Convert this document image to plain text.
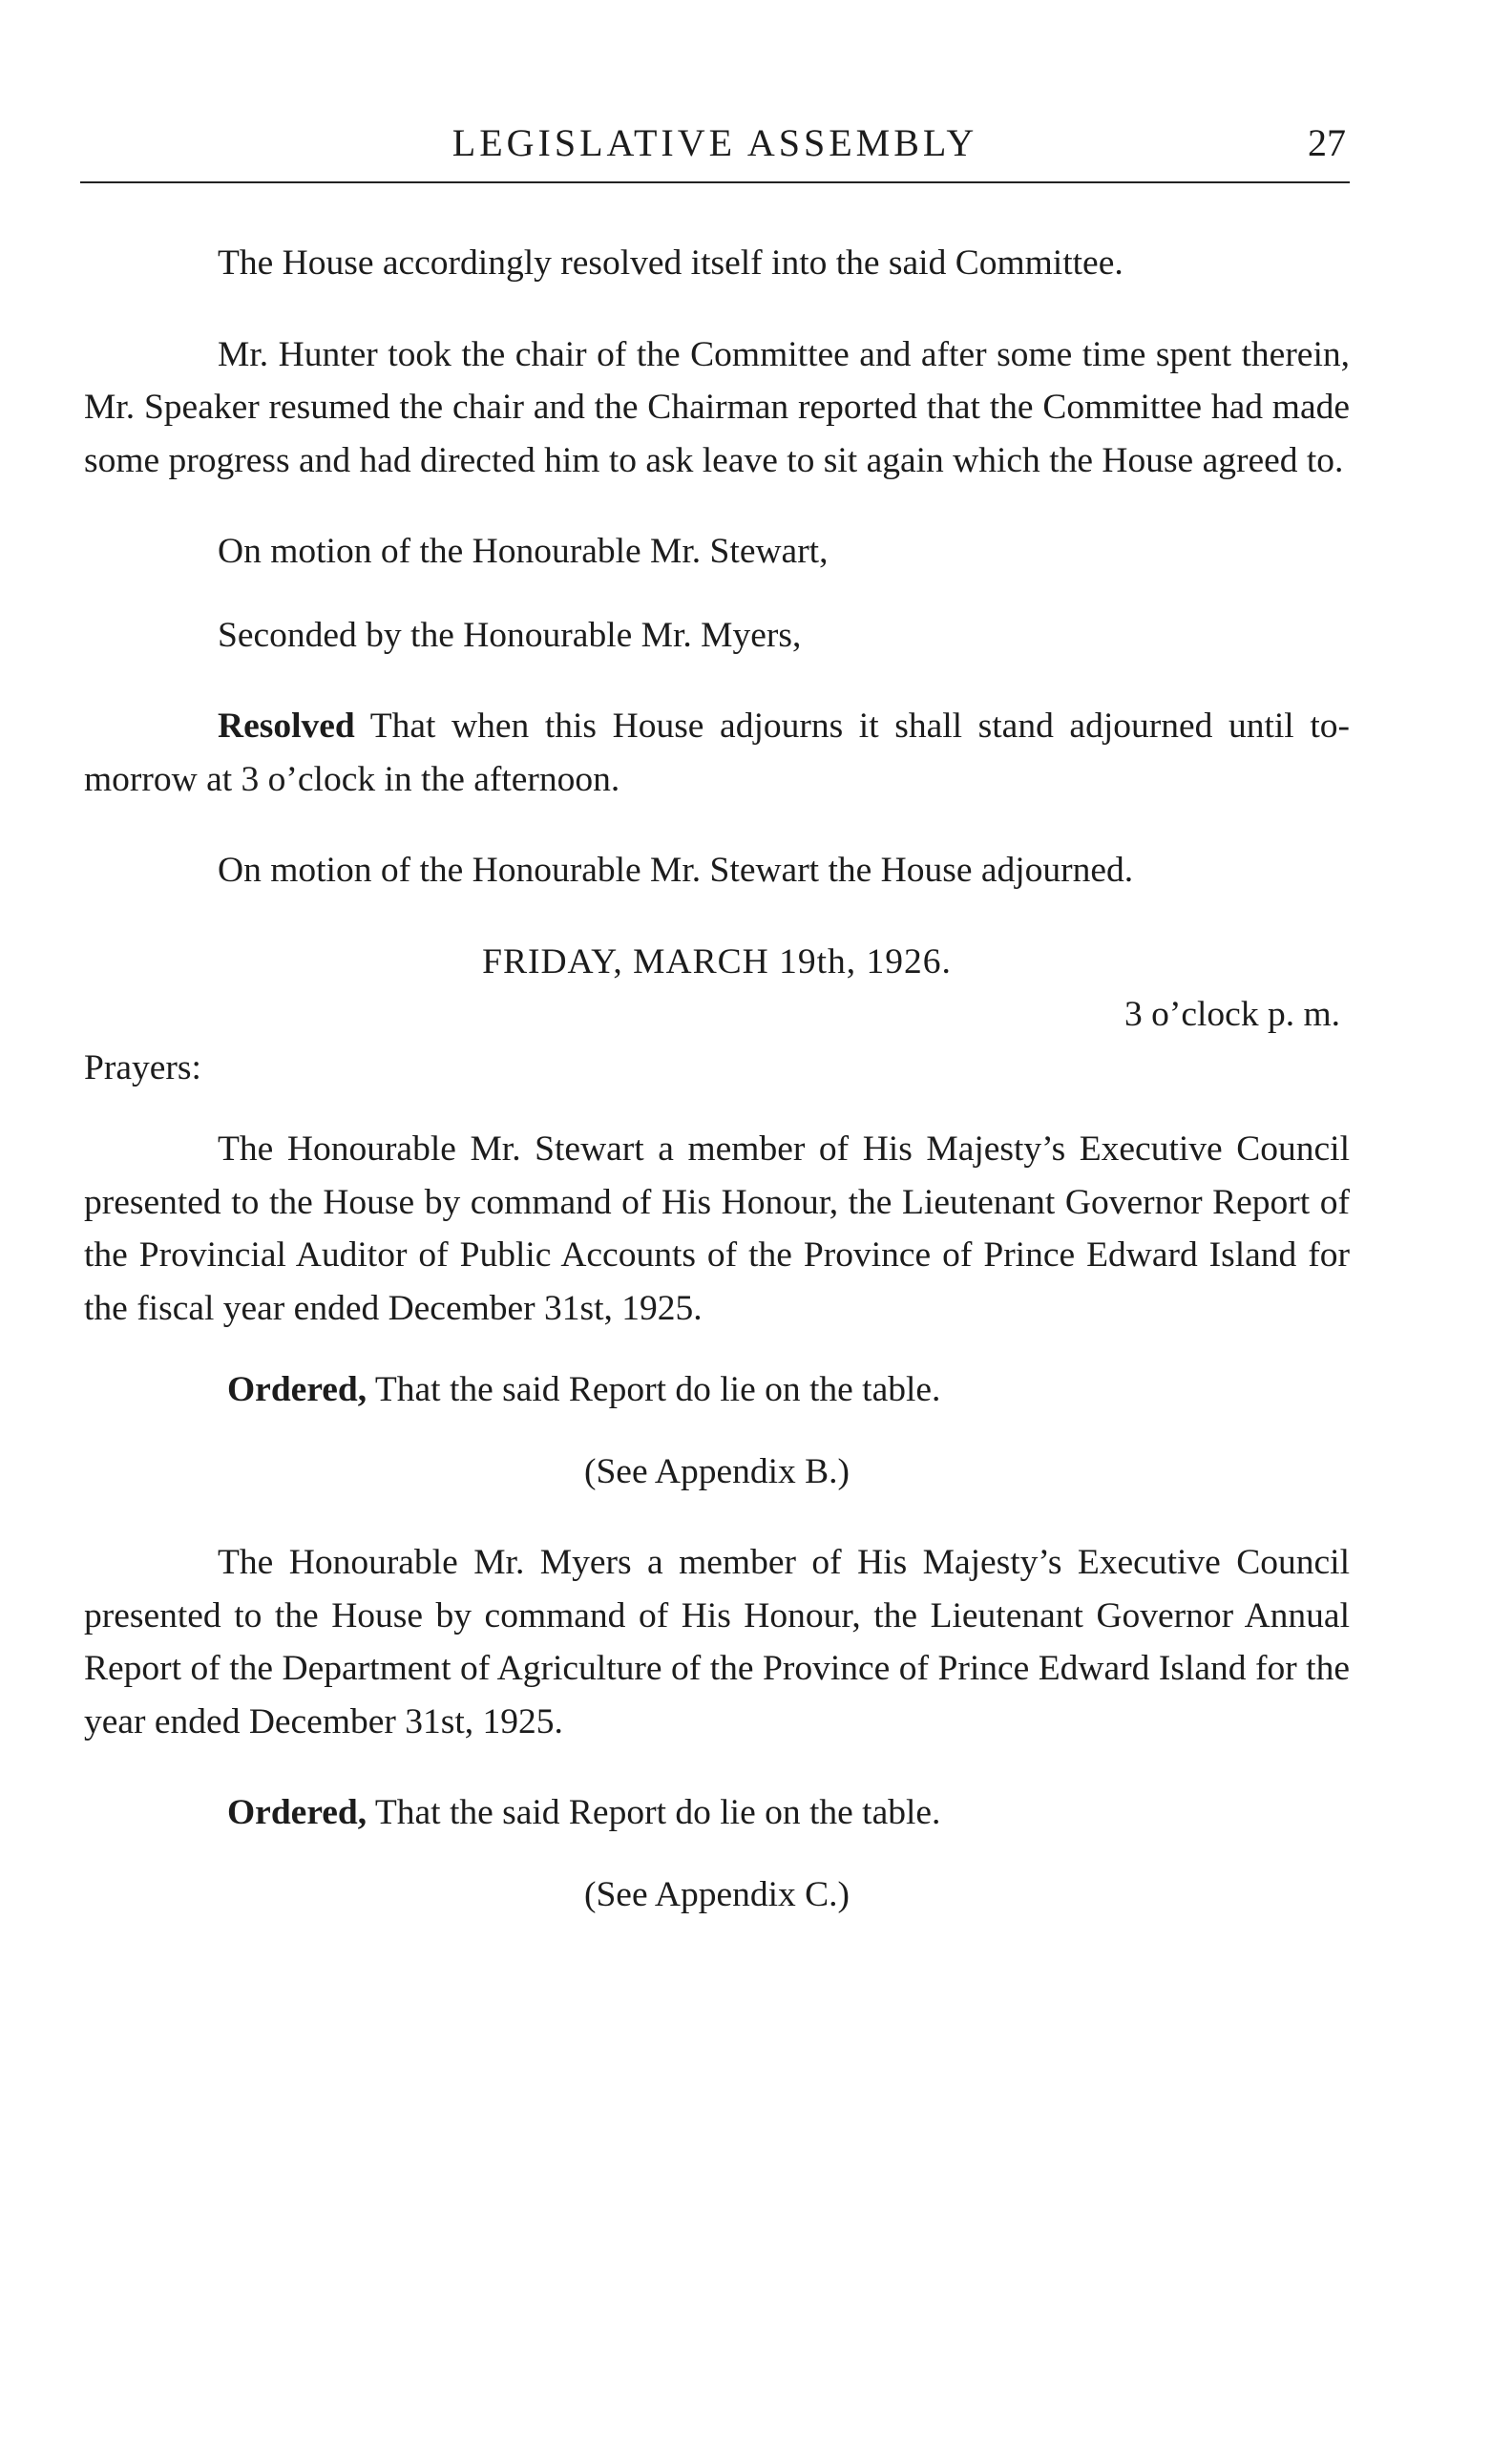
LEGISLATIVE ASSEMBLY	27

The House accordingly resolved itself into the said Committee.

Mr. Hunter took the chair of the Committee and after some time spent therein, Mr. Speaker resumed the chair and the Chairman reported that the Committee had made some progress and had directed him to ask leave to sit again which the House agreed to.

On motion of the Honourable Mr. Stewart,

Seconded by the Honourable Mr. Myers,

Resolved That when this House adjourns it shall stand adjourned until to-morrow at 3 o’clock in the afternoon.

On motion of the Honourable Mr. Stewart the House adjourned.

FRIDAY, MARCH 19th, 1926.

3 o’clock p. m.

Prayers:

The Honourable Mr. Stewart a member of His Majesty’s Executive Council presented to the House by command of His Honour, the Lieutenant Governor Report of the Provincial Auditor of Public Accounts of the Province of Prince Edward Island for the fiscal year ended December 31st, 1925.

Ordered, That the said Report do lie on the table.

(See Appendix B.)

The Honourable Mr. Myers a member of His Majesty’s Executive Council presented to the House by command of His Honour, the Lieutenant Governor Annual Report of the Department of Agriculture of the Province of Prince Edward Island for the year ended December 31st, 1925.

Ordered, That the said Report do lie on the table.

(See Appendix C.)
